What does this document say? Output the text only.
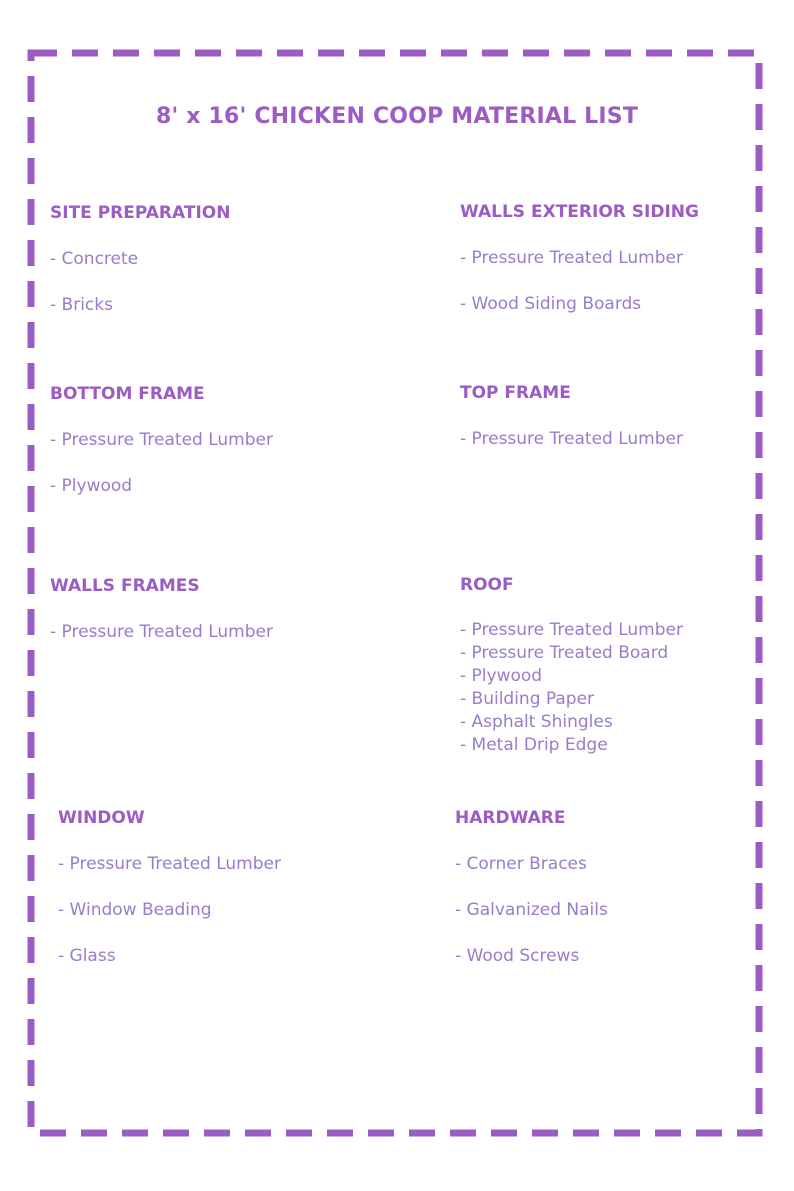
8' x 16' CHICKEN COOP MATERIAL LIST
SITE PREPARATION
- Concrete
- Bricks
BOTTOM FRAME
- Pressure Treated Lumber
- Plywood
WALLS FRAMES
- Pressure Treated Lumber
WINDOW
- Pressure Treated Lumber
- Window Beading
- Glass
WALLS EXTERIOR SIDING
- Pressure Treated Lumber
- Wood Siding Boards
TOP FRAME
- Pressure Treated Lumber
ROOF
- Pressure Treated Lumber
- Pressure Treated Board
- Plywood
- Building Paper
- Asphalt Shingles
- Metal Drip Edge
HARDWARE
- Corner Braces
- Galvanized Nails
- Wood Screws
